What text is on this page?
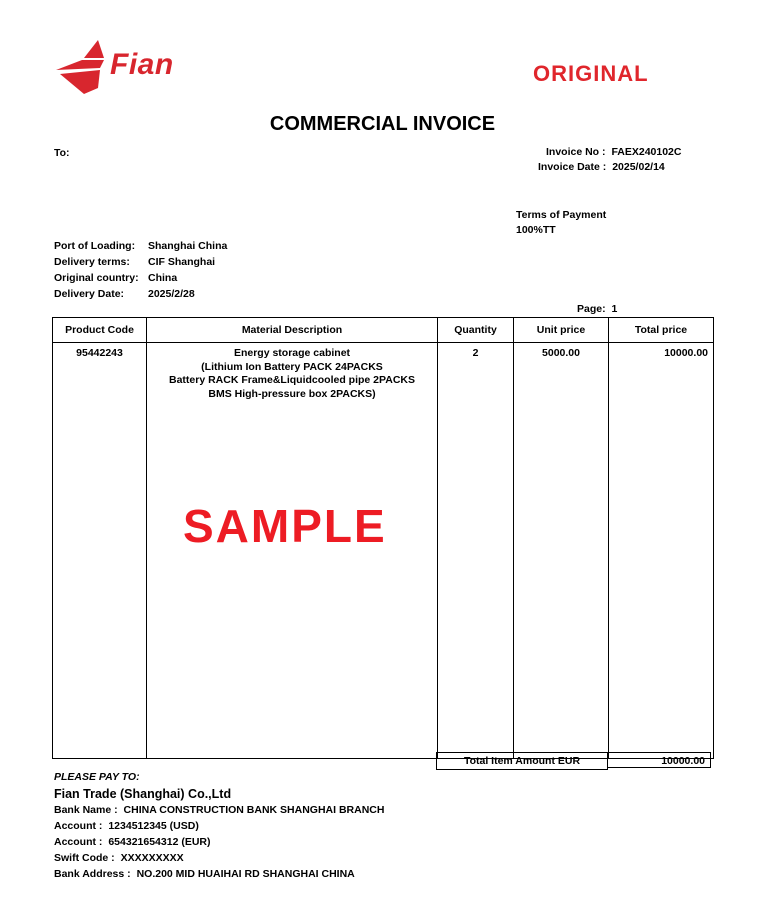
Fian	ORIGINAL
COMMERCIAL INVOICE
To:	Invoice No : FAEX240102C
Invoice Date : 2025/02/14
Terms of Payment
100%TT
Port of Loading:	Shanghai China
Delivery terms:	CIF Shanghai
Original country: China
Delivery Date:	2025/2/28
Page: 1
Product Code	Material Description	Quantity	Unit price	Total price
95442243	Energy storage cabinet
(Lithium Ion Battery PACK 24PACKS
Battery RACK Frame&Liquidcooled pipe 2PACKS
BMS High-pressure box 2PACKS)	2	5000.00	10000.00
Total Item Amount EUR	10000.00
SAMPLE
PLEASE PAY TO:
Fian Trade (Shanghai) Co.,Ltd
Bank Name : CHINA CONSTRUCTION BANK SHANGHAI BRANCH
Account : 1234512345 (USD)
Account : 654321654312 (EUR)
Swift Code : XXXXXXXXX
Bank Address : NO.200 MID HUAIHAI RD SHANGHAI CHINA
